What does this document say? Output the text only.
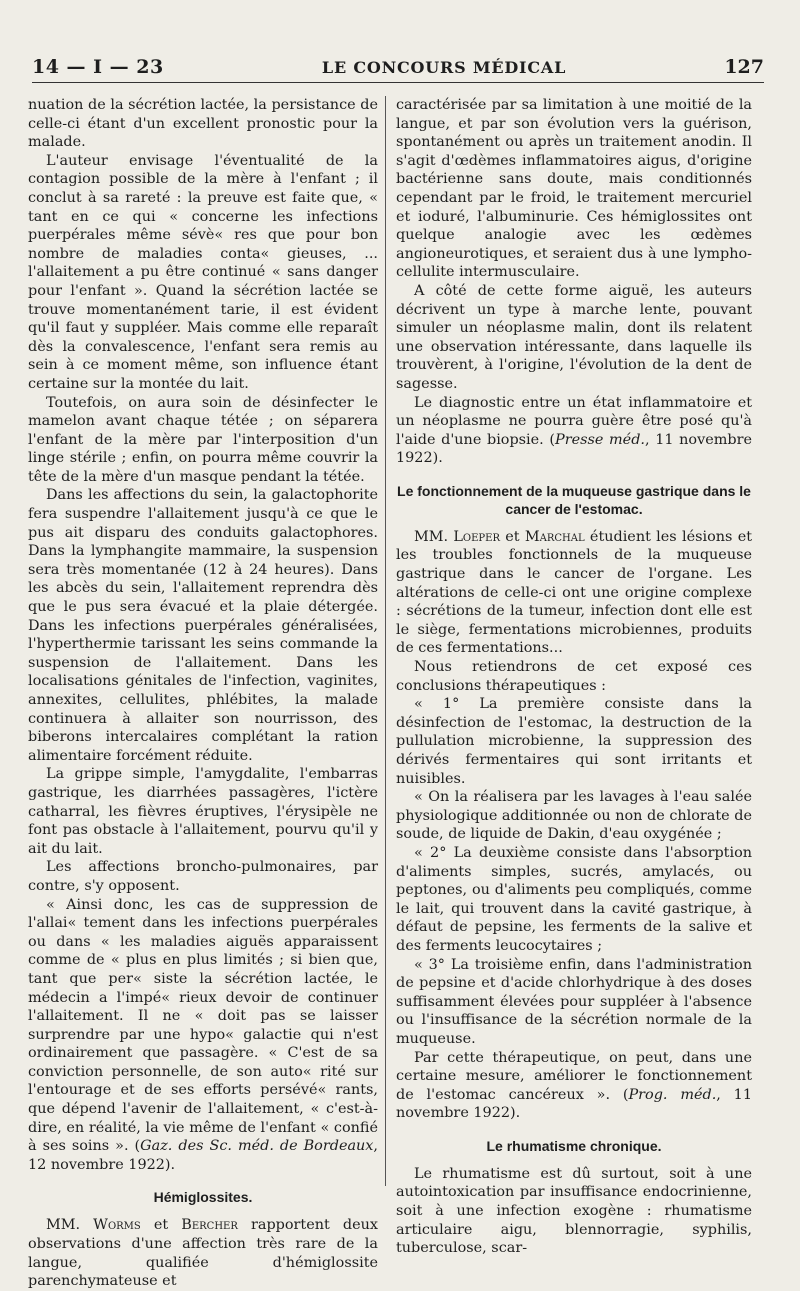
14 — I — 23	LE CONCOURS MÉDICAL	127

nuation de la sécrétion lactée, la persistance de celle-ci étant d'un excellent pronostic pour la malade.

L'auteur envisage l'éventualité de la contagion possible de la mère à l'enfant ; il conclut à sa rareté : la preuve est faite que, « tant en ce qui « concerne les infections puerpérales même sévè« res que pour bon nombre de maladies conta« gieuses, ... l'allaitement a pu être continué « sans danger pour l'enfant ». Quand la sécrétion lactée se trouve momentanément tarie, il est évident qu'il faut y suppléer. Mais comme elle reparaît dès la convalescence, l'enfant sera remis au sein à ce moment même, son influence étant certaine sur la montée du lait.

Toutefois, on aura soin de désinfecter le mamelon avant chaque tétée ; on séparera l'enfant de la mère par l'interposition d'un linge stérile ; enfin, on pourra même couvrir la tête de la mère d'un masque pendant la tétée.

Dans les affections du sein, la galactophorite fera suspendre l'allaitement jusqu'à ce que le pus ait disparu des conduits galactophores. Dans la lymphangite mammaire, la suspension sera très momentanée (12 à 24 heures). Dans les abcès du sein, l'allaitement reprendra dès que le pus sera évacué et la plaie détergée. Dans les infections puerpérales généralisées, l'hyperthermie tarissant les seins commande la suspension de l'allaitement. Dans les localisations génitales de l'infection, vaginites, annexites, cellulites, phlébites, la malade continuera à allaiter son nourrisson, des biberons intercalaires complétant la ration alimentaire forcément réduite.

La grippe simple, l'amygdalite, l'embarras gastrique, les diarrhées passagères, l'ictère catharral, les fièvres éruptives, l'érysipèle ne font pas obstacle à l'allaitement, pourvu qu'il y ait du lait.

Les affections broncho-pulmonaires, par contre, s'y opposent.

« Ainsi donc, les cas de suppression de l'allai« tement dans les infections puerpérales ou dans « les maladies aiguës apparaissent comme de « plus en plus limités ; si bien que, tant que per« siste la sécrétion lactée, le médecin a l'impé« rieux devoir de continuer l'allaitement. Il ne « doit pas se laisser surprendre par une hypo« galactie qui n'est ordinairement que passagère. « C'est de sa conviction personnelle, de son auto« rité sur l'entourage et de ses efforts persévé« rants, que dépend l'avenir de l'allaitement, « c'est-à-dire, en réalité, la vie même de l'enfant « confié à ses soins ». (Gaz. des Sc. méd. de Bordeaux, 12 novembre 1922).

Hémiglossites.

MM. Worms et Bercher rapportent deux observations d'une affection très rare de la langue, qualifiée d'hémiglossite parenchymateuse et

caractérisée par sa limitation à une moitié de la langue, et par son évolution vers la guérison, spontanément ou après un traitement anodin. Il s'agit d'œdèmes inflammatoires aigus, d'origine bactérienne sans doute, mais conditionnés cependant par le froid, le traitement mercuriel et ioduré, l'albuminurie. Ces hémiglossites ont quelque analogie avec les œdèmes angioneurotiques, et seraient dus à une lympho-cellulite intermusculaire.

A côté de cette forme aiguë, les auteurs décrivent un type à marche lente, pouvant simuler un néoplasme malin, dont ils relatent une observation intéressante, dans laquelle ils trouvèrent, à l'origine, l'évolution de la dent de sagesse.

Le diagnostic entre un état inflammatoire et un néoplasme ne pourra guère être posé qu'à l'aide d'une biopsie. (Presse méd., 11 novembre 1922).

Le fonctionnement de la muqueuse gastrique dans le cancer de l'estomac.

MM. Loeper et Marchal étudient les lésions et les troubles fonctionnels de la muqueuse gastrique dans le cancer de l'organe. Les altérations de celle-ci ont une origine complexe : sécrétions de la tumeur, infection dont elle est le siège, fermentations microbiennes, produits de ces fermentations...

Nous retiendrons de cet exposé ces conclusions thérapeutiques :

« 1° La première consiste dans la désinfection de l'estomac, la destruction de la pullulation microbienne, la suppression des dérivés fermentaires qui sont irritants et nuisibles.

« On la réalisera par les lavages à l'eau salée physiologique additionnée ou non de chlorate de soude, de liquide de Dakin, d'eau oxygénée ;

« 2° La deuxième consiste dans l'absorption d'aliments simples, sucrés, amylacés, ou peptones, ou d'aliments peu compliqués, comme le lait, qui trouvent dans la cavité gastrique, à défaut de pepsine, les ferments de la salive et des ferments leucocytaires ;

« 3° La troisième enfin, dans l'administration de pepsine et d'acide chlorhydrique à des doses suffisamment élevées pour suppléer à l'absence ou l'insuffisance de la sécrétion normale de la muqueuse.

Par cette thérapeutique, on peut, dans une certaine mesure, améliorer le fonctionnement de l'estomac cancéreux ». (Prog. méd., 11 novembre 1922).

Le rhumatisme chronique.

Le rhumatisme est dû surtout, soit à une autointoxication par insuffisance endocrinienne, soit à une infection exogène : rhumatisme articulaire aigu, blennorragie, syphilis, tuberculose, scar-
